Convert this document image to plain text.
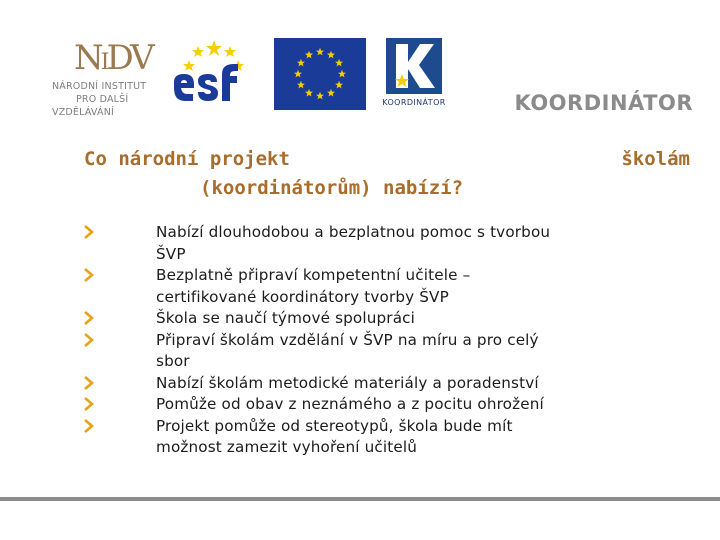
NIDV
NÁRODNÍ INSTITUT
PRO DALŠÍ
VZDĚLÁVÁNÍ
KOORDINÁTOR	KOORDINÁTOR
Co národní projekt	školám
(koordinátorům) nabízí?
Nabízí dlouhodobou a bezplatnou pomoc s tvorbou
ŠVP
Bezplatně připraví kompetentní učitele –
certifikované koordinátory tvorby ŠVP
Škola se naučí týmové spolupráci
Připraví školám vzdělání v ŠVP na míru a pro celý
sbor
Nabízí školám metodické materiály a poradenství
Pomůže od obav z neznámého a z pocitu ohrožení
Projekt pomůže od stereotypů, škola bude mít
možnost zamezit vyhoření učitelů
